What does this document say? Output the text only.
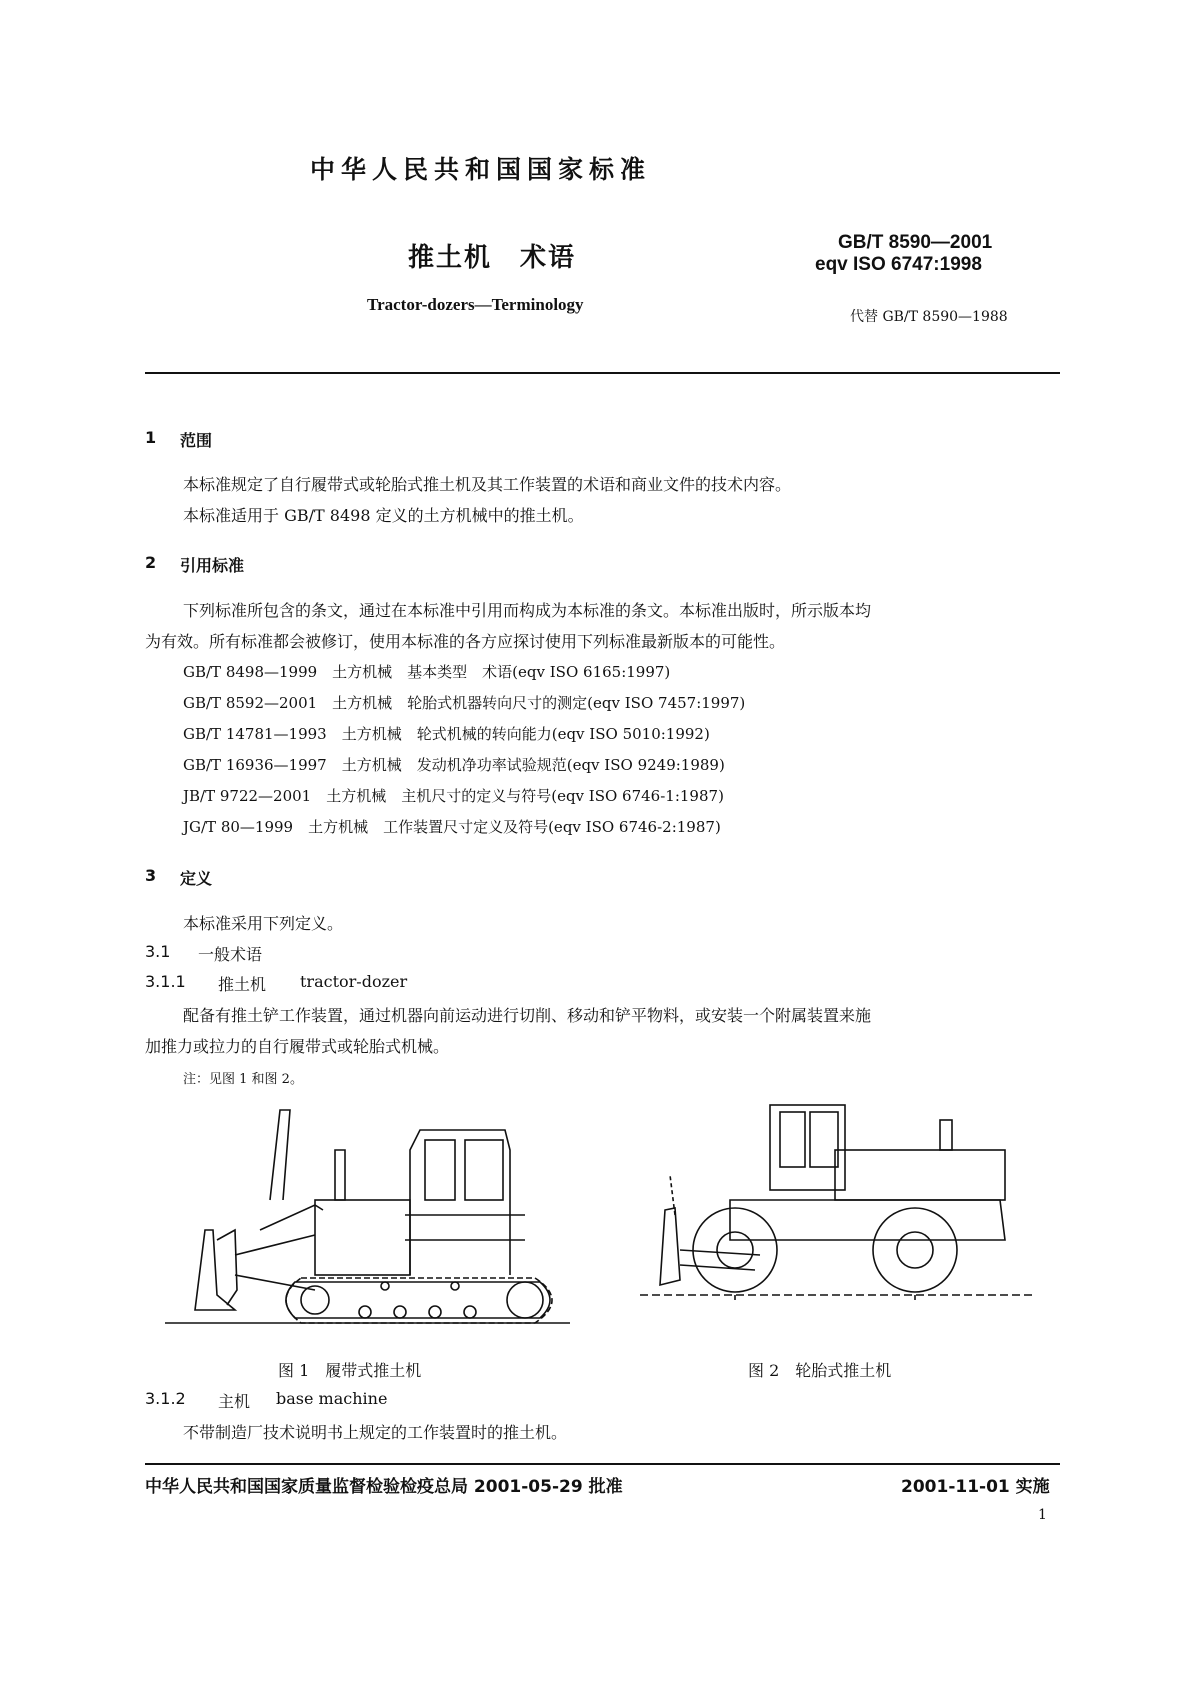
中华人民共和国国家标准
推土机　术语
Tractor-dozers—Terminology
GB/T 8590—2001
eqv ISO 6747:1998
代替 GB/T 8590—1988
1 范围
本标准规定了自行履带式或轮胎式推土机及其工作装置的术语和商业文件的技术内容。
本标准适用于 GB/T 8498 定义的土方机械中的推土机。
2 引用标准
下列标准所包含的条文，通过在本标准中引用而构成为本标准的条文。本标准出版时，所示版本均
为有效。所有标准都会被修订，使用本标准的各方应探讨使用下列标准最新版本的可能性。
GB/T 8498—1999　土方机械　基本类型　术语(eqv ISO 6165:1997)
GB/T 8592—2001　土方机械　轮胎式机器转向尺寸的测定(eqv ISO 7457:1997)
GB/T 14781—1993　土方机械　轮式机械的转向能力(eqv ISO 5010:1992)
GB/T 16936—1997　土方机械　发动机净功率试验规范(eqv ISO 9249:1989)
JB/T 9722—2001　土方机械　主机尺寸的定义与符号(eqv ISO 6746-1:1987)
JG/T 80—1999　土方机械　工作装置尺寸定义及符号(eqv ISO 6746-2:1987)
3 定义
本标准采用下列定义。
3.1 一般术语
3.1.1 推土机 tractor-dozer
配备有推土铲工作装置，通过机器向前运动进行切削、移动和铲平物料，或安装一个附属装置来施
加推力或拉力的自行履带式或轮胎式机械。
注：见图 1 和图 2。
图 1　履带式推土机	图 2　轮胎式推土机
3.1.2 主机 base machine
不带制造厂技术说明书上规定的工作装置时的推土机。
中华人民共和国国家质量监督检验检疫总局 2001-05-29 批准	2001-11-01 实施
1
